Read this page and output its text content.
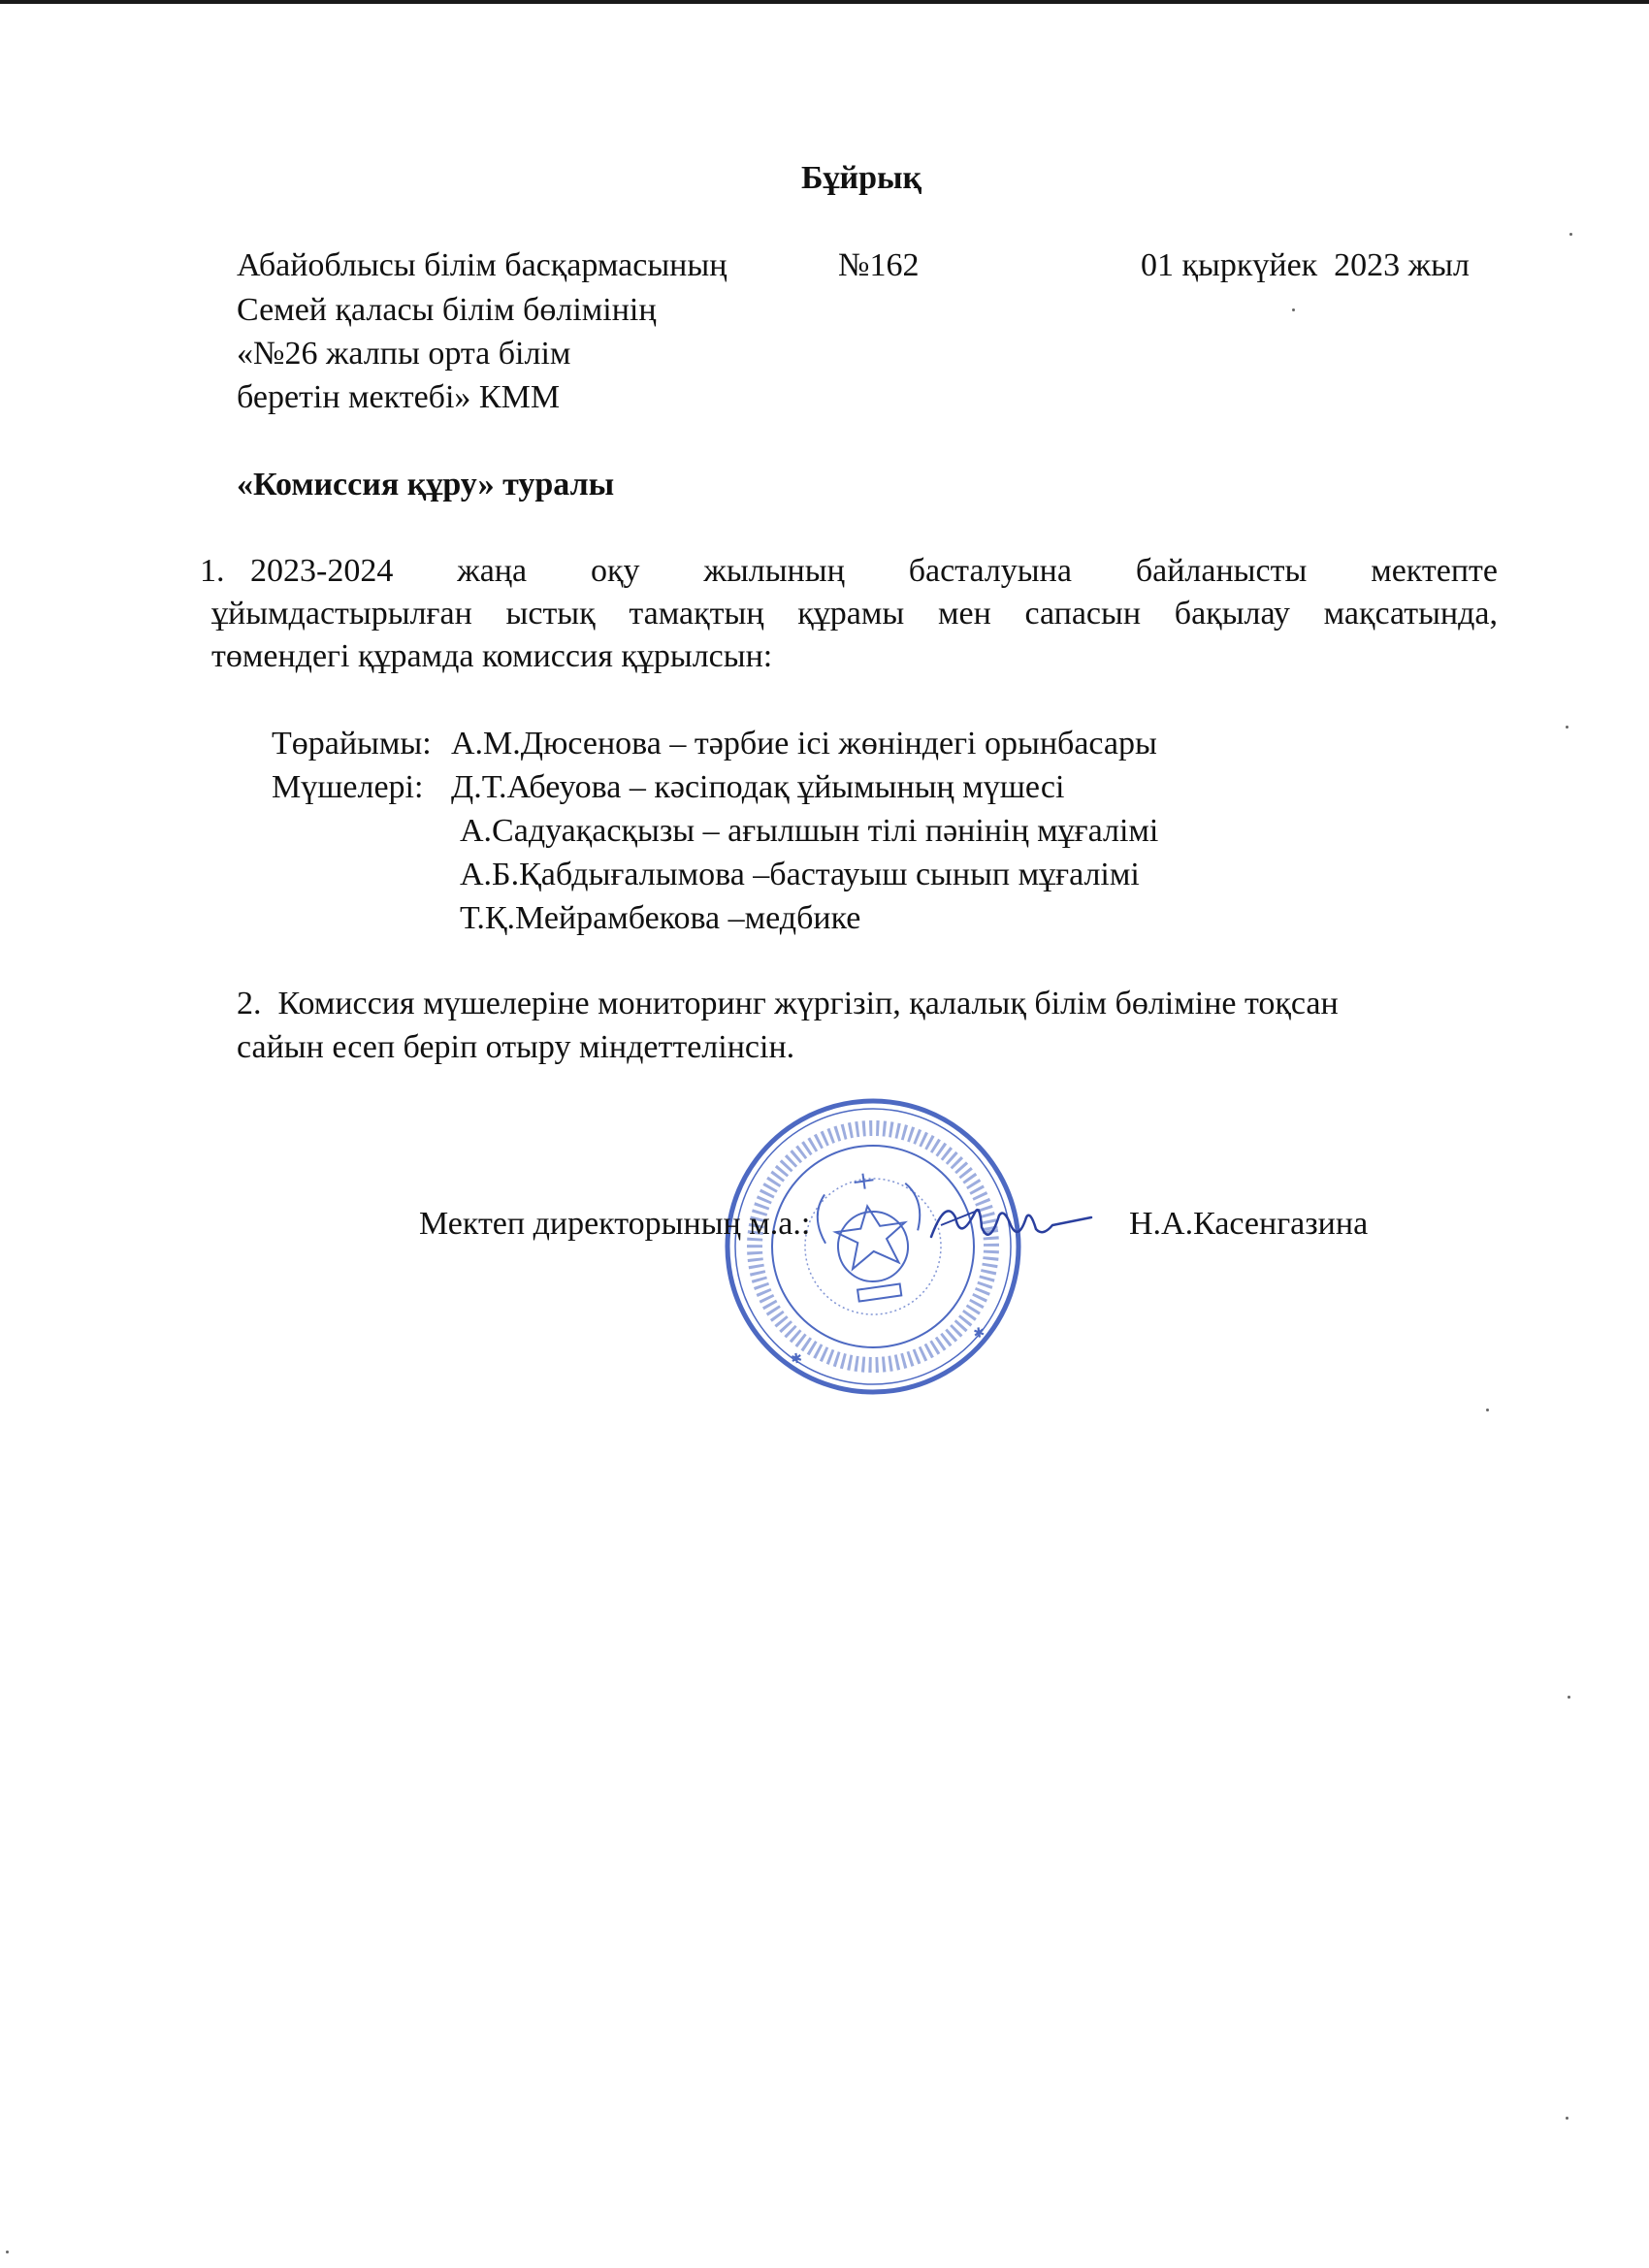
Бұйрық
Абайоблысы білім басқармасының	№162	01 қыркүйек  2023 жыл
Семей қаласы білім бөлімінің
«№26 жалпы орта білім
беретін мектебі» КММ
«Комиссия құру» туралы
1. 2023-2024 жаңа оқу жылының басталуына байланысты мектепте
ұйымдастырылған ыстық тамақтың құрамы мен сапасын бақылау мақсатында,
төмендегі құрамда комиссия құрылсын:
Төрайымы: А.М.Дюсенова – тәрбие ісі жөніндегі орынбасары
Мүшелері: Д.Т.Абеуова – кәсіподақ ұйымының мүшесі
А.Садуақасқызы – ағылшын тілі пәнінің мұғалімі
А.Б.Қабдығалымова –бастауыш сынып мұғалімі
Т.Қ.Мейрамбекова –медбике
2.  Комиссия мүшелеріне мониторинг жүргізіп, қалалық білім бөліміне тоқсан
сайын есеп беріп отыру міндеттелінсін.
✱
✱
Мектеп директорының м.а.:	Н.А.Касенгазина
